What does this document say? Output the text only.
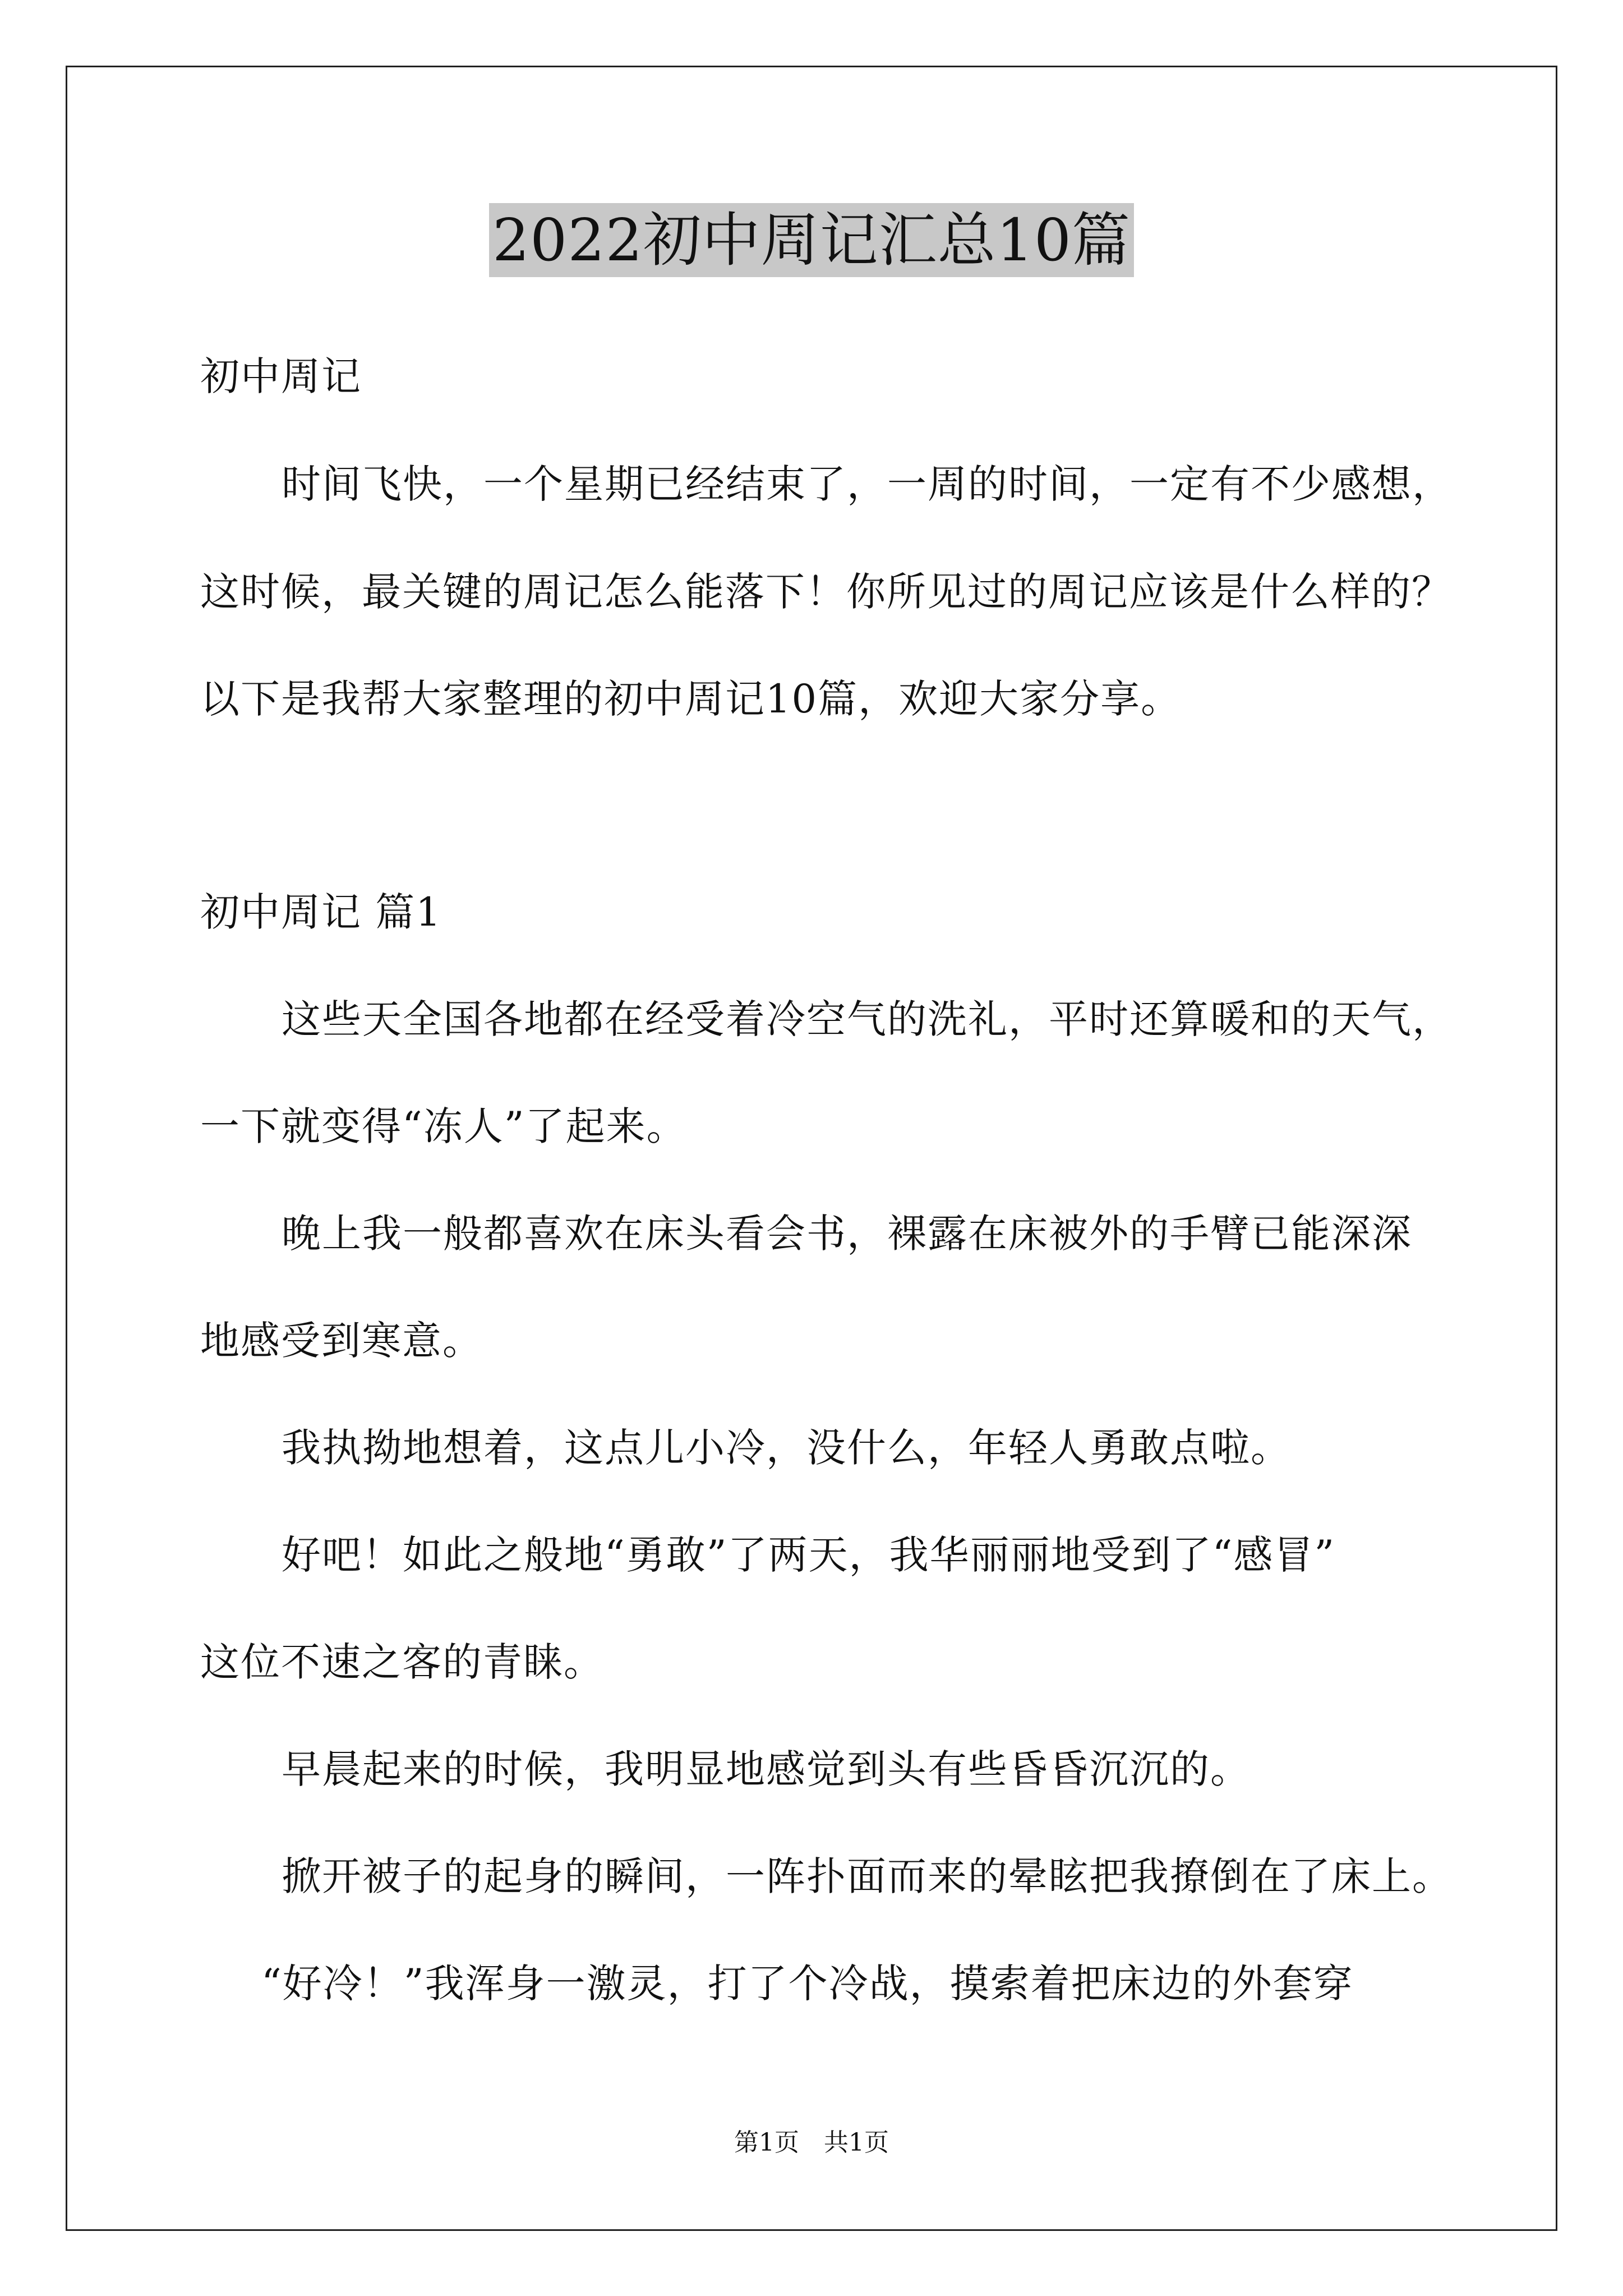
2022初中周记汇总10篇
初中周记
时间飞快，一个星期已经结束了，一周的时间，一定有不少感想，
这时候，最关键的周记怎么能落下！你所见过的周记应该是什么样的？
以下是我帮大家整理的初中周记10篇，欢迎大家分享。
初中周记 篇1
这些天全国各地都在经受着冷空气的洗礼，平时还算暖和的天气，
一下就变得“冻人”了起来。
晚上我一般都喜欢在床头看会书，裸露在床被外的手臂已能深深
地感受到寒意。
我执拗地想着，这点儿小冷，没什么，年轻人勇敢点啦。
好吧！如此之般地“勇敢”了两天，我华丽丽地受到了“感冒”
这位不速之客的青睐。
早晨起来的时候，我明显地感觉到头有些昏昏沉沉的。
掀开被子的起身的瞬间，一阵扑面而来的晕眩把我撩倒在了床上。
“好冷！”我浑身一激灵，打了个冷战，摸索着把床边的外套穿
第1页　共1页
